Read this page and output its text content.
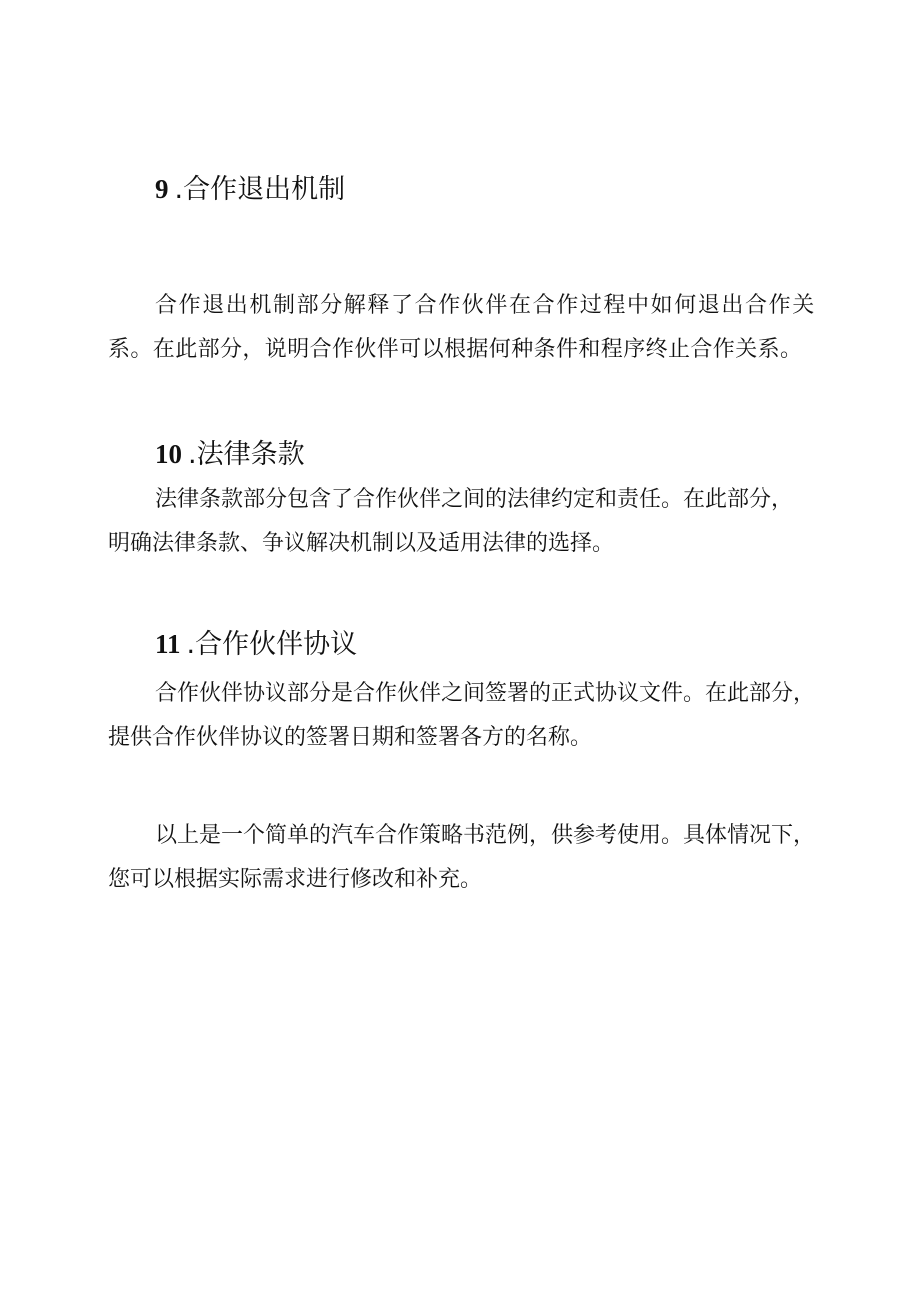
9 .合作退出机制

合作退出机制部分解释了合作伙伴在合作过程中如何退出合作关
系。在此部分，说明合作伙伴可以根据何种条件和程序终止合作关系。

10 .法律条款

法律条款部分包含了合作伙伴之间的法律约定和责任。在此部分，
明确法律条款、争议解决机制以及适用法律的选择。

11 .合作伙伴协议

合作伙伴协议部分是合作伙伴之间签署的正式协议文件。在此部分，
提供合作伙伴协议的签署日期和签署各方的名称。

以上是一个简单的汽车合作策略书范例，供参考使用。具体情况下，
您可以根据实际需求进行修改和补充。
